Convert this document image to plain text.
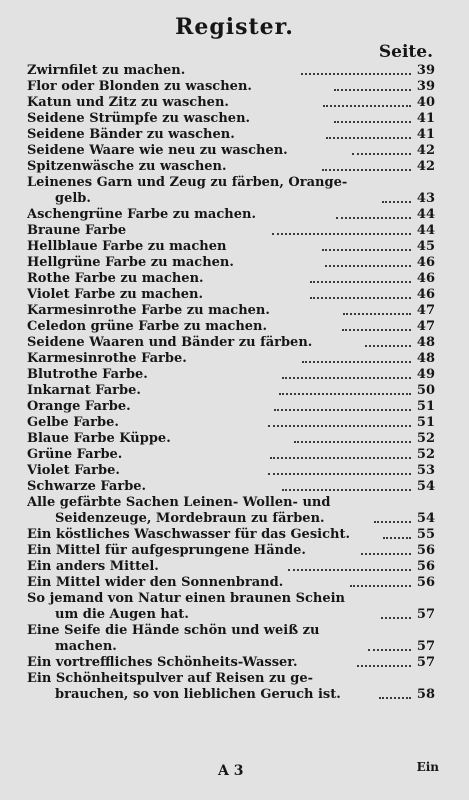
Register.
Seite.
Zwirnfilet zu machen.	39
Flor oder Blonden zu waschen.	39
Katun und Zitz zu waschen.	40
Seidene Strümpfe zu waschen.	41
Seidene Bänder zu waschen.	41
Seidene Waare wie neu zu waschen.	42
Spitzenwäsche zu waschen.	42
Leinenes Garn und Zeug zu färben, Orange-
gelb.	43
Aschengrüne Farbe zu machen.	44
Braune Farbe	44
Hellblaue Farbe zu machen	45
Hellgrüne Farbe zu machen.	46
Rothe Farbe zu machen.	46
Violet Farbe zu machen.	46
Karmesinrothe Farbe zu machen.	47
Celedon grüne Farbe zu machen.	47
Seidene Waaren und Bänder zu färben.	48
Karmesinrothe Farbe.	48
Blutrothe Farbe.	49
Inkarnat Farbe.	50
Orange Farbe.	51
Gelbe Farbe.	51
Blaue Farbe Küppe.	52
Grüne Farbe.	52
Violet Farbe.	53
Schwarze Farbe.	54
Alle gefärbte Sachen Leinen- Wollen- und
Seidenzeuge, Mordebraun zu färben.	54
Ein köstliches Waschwasser für das Gesicht.	55
Ein Mittel für aufgesprungene Hände.	56
Ein anders Mittel.	56
Ein Mittel wider den Sonnenbrand.	56
So jemand von Natur einen braunen Schein
um die Augen hat.	57
Eine Seife die Hände schön und weiß zu
machen.	57
Ein vortreffliches Schönheits-Wasser.	57
Ein Schönheitspulver auf Reisen zu ge-
brauchen, so von lieblichen Geruch ist.	58
A 3	Ein
